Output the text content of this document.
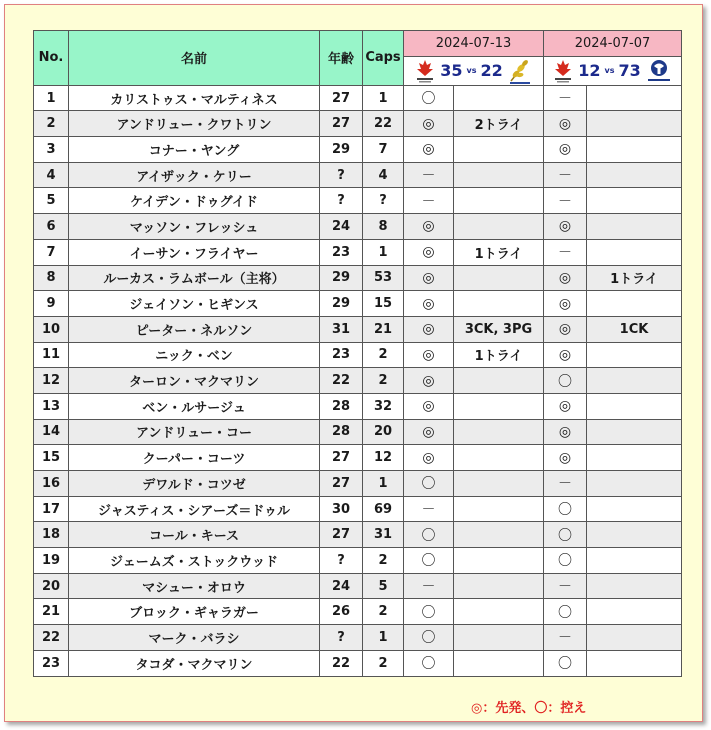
No.	名前	年齢	Caps	2024-07-13		2024-07-07	

				35 vs 22		12 vs 73	

1	カリストゥス・マルティネス	27	1	〇		－	
2	アンドリュー・クワトリン	27	22	◎	2トライ	◎	
3	コナー・ヤング	29	7	◎		◎	
4	アイザック・ケリー	?	4	－		－	
5	ケイデン・ドゥグイド	?	?	－		－	
6	マッソン・フレッシュ	24	8	◎		◎	
7	イーサン・フライヤー	23	1	◎	1トライ	－	
8	ルーカス・ラムボール（主将）	29	53	◎		◎	1トライ
9	ジェイソン・ヒギンス	29	15	◎		◎	
10	ピーター・ネルソン	31	21	◎	3CK, 3PG	◎	1CK
11	ニック・ベン	23	2	◎	1トライ	◎	
12	ターロン・マクマリン	22	2	◎		〇	
13	ベン・ルサージュ	28	32	◎		◎	
14	アンドリュー・コー	28	20	◎		◎	
15	クーパー・コーツ	27	12	◎		◎	
16	デワルド・コツゼ	27	1	〇		－	
17	ジャスティス・シアーズ＝ドゥル	30	69	－		〇	
18	コール・キース	27	31	〇		〇	
19	ジェームズ・ストックウッド	?	2	〇		〇	
20	マシュー・オロウ	24	5	－		－	
21	ブロック・ギャラガー	26	2	〇		〇	
22	マーク・バラシ	?	1	〇		－	
23	タコダ・マクマリン	22	2	〇		〇	
◎：先発、〇：控え
